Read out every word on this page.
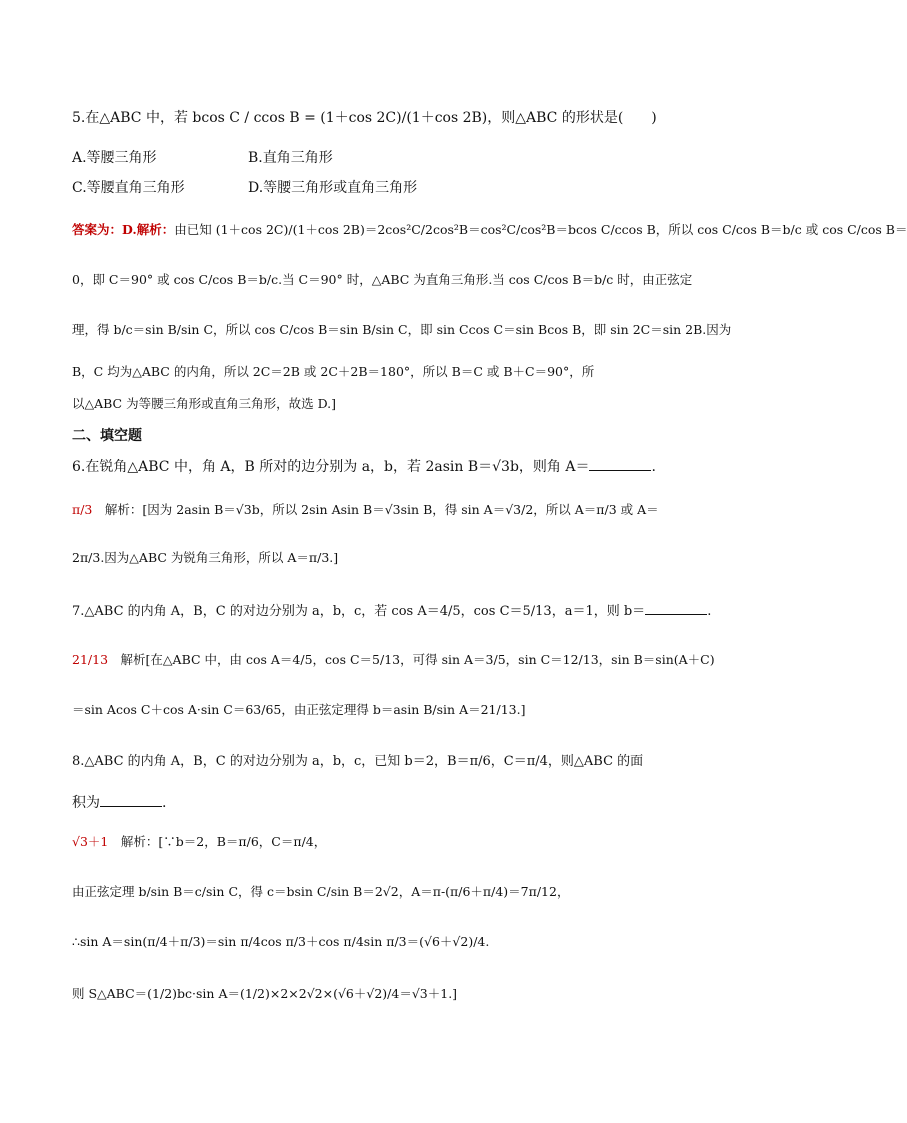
5.在△ABC 中，若 bcos C / ccos B = (1＋cos 2C)/(1＋cos 2B)，则△ABC 的形状是(　　)
A.等腰三角形	B.直角三角形
C.等腰直角三角形	D.等腰三角形或直角三角形
答案为：D.解析：由已知 (1＋cos 2C)/(1＋cos 2B)＝2cos²C/2cos²B＝cos²C/cos²B＝bcos C/ccos B，所以 cos C/cos B＝b/c 或 cos C/cos B＝
0，即 C＝90° 或 cos C/cos B＝b/c.当 C＝90° 时，△ABC 为直角三角形.当 cos C/cos B＝b/c 时，由正弦定
理，得 b/c＝sin B/sin C，所以 cos C/cos B＝sin B/sin C，即 sin Ccos C＝sin Bcos B，即 sin 2C＝sin 2B.因为
B，C 均为△ABC 的内角，所以 2C＝2B 或 2C＋2B＝180°，所以 B＝C 或 B＋C＝90°，所
以△ABC 为等腰三角形或直角三角形，故选 D.]
二、填空题
6.在锐角△ABC 中，角 A，B 所对的边分别为 a，b，若 2asin B＝√3b，则角 A＝	.
π/3　 解析：[因为 2asin B＝√3b，所以 2sin Asin B＝√3sin B，得 sin A＝√3/2，所以 A＝π/3 或 A＝
2π/3.因为△ABC 为锐角三角形，所以 A＝π/3.]
7.△ABC 的内角 A，B，C 的对边分别为 a，b，c，若 cos A＝4/5，cos C＝5/13，a＝1，则 b＝	.
21/13　 解析[在△ABC 中，由 cos A＝4/5，cos C＝5/13，可得 sin A＝3/5，sin C＝12/13，sin B＝sin(A＋C)
＝sin Acos C＋cos A·sin C＝63/65，由正弦定理得 b＝asin B/sin A＝21/13.]
8.△ABC 的内角 A，B，C 的对边分别为 a，b，c，已知 b＝2，B＝π/6，C＝π/4，则△ABC 的面
积为	.
√3＋1　 解析：[∵b＝2，B＝π/6，C＝π/4，
由正弦定理 b/sin B＝c/sin C，得 c＝bsin C/sin B＝2√2，A＝π-(π/6＋π/4)＝7π/12，
∴sin A＝sin(π/4＋π/3)＝sin π/4cos π/3＋cos π/4sin π/3＝(√6＋√2)/4.
则 S△ABC＝(1/2)bc·sin A＝(1/2)×2×2√2×(√6＋√2)/4＝√3＋1.]
